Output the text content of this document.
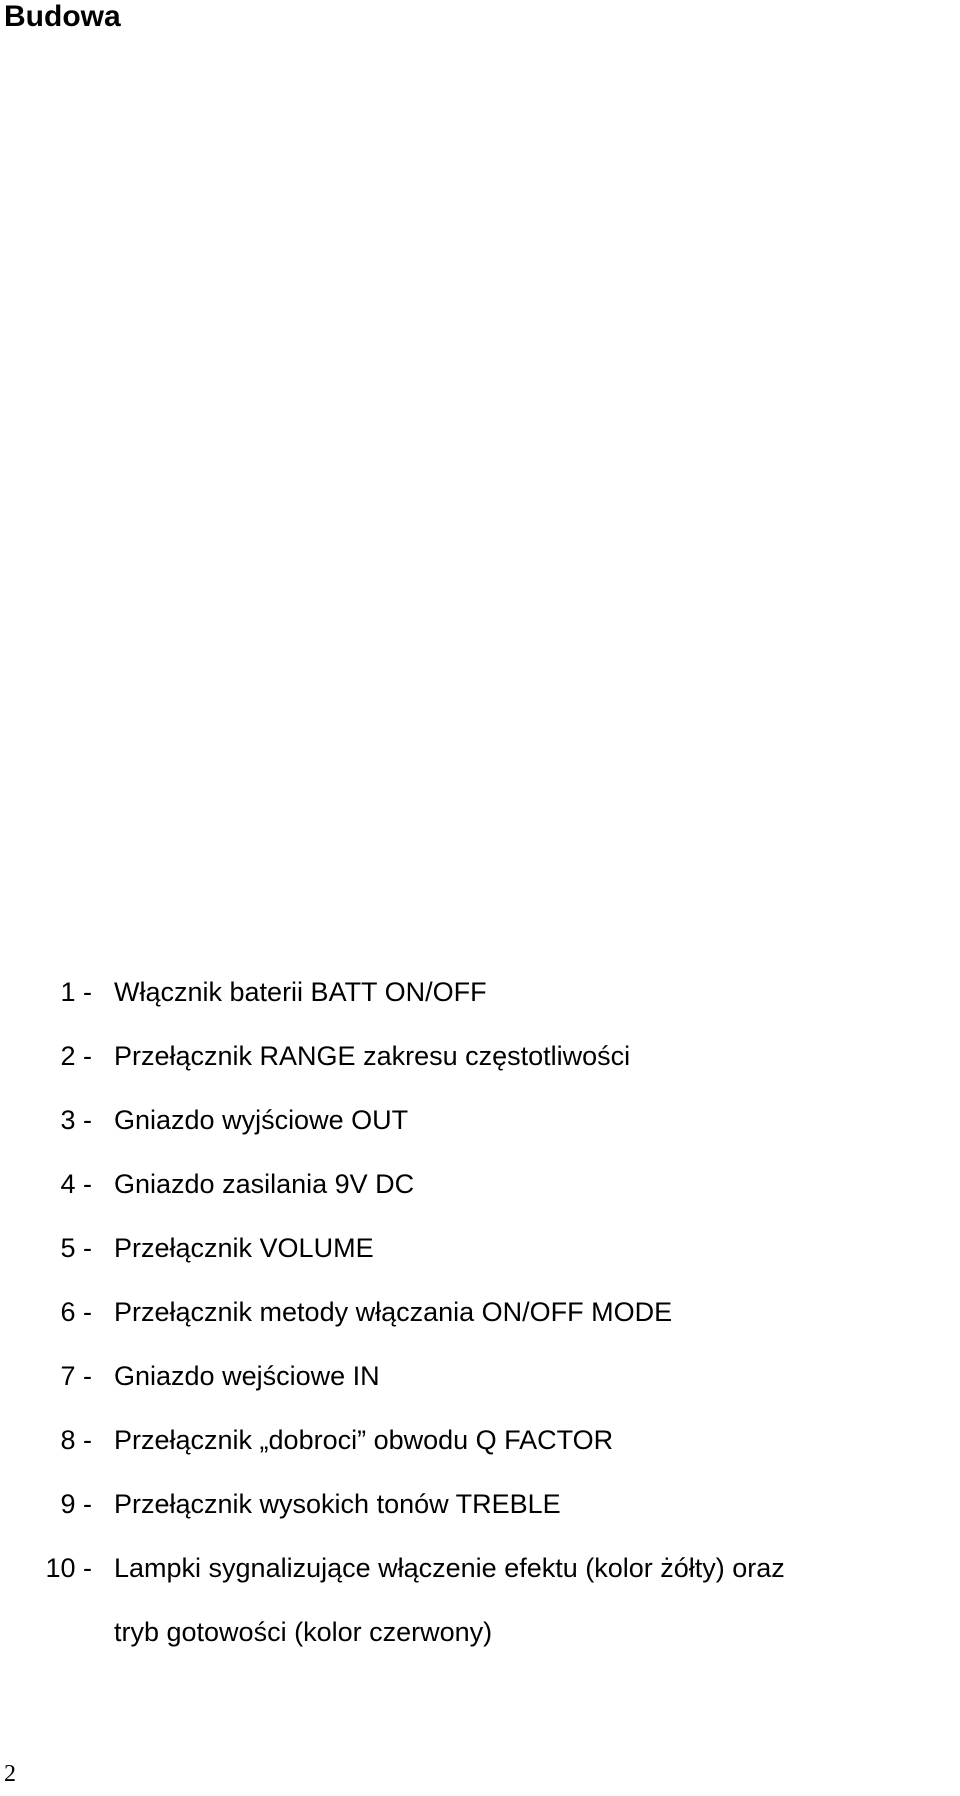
Budowa
1 - Włącznik baterii BATT ON/OFF
2 - Przełącznik RANGE zakresu częstotliwości
3 - Gniazdo wyjściowe OUT
4 - Gniazdo zasilania 9V DC
5 - Przełącznik VOLUME
6 - Przełącznik metody włączania ON/OFF MODE
7 - Gniazdo wejściowe IN
8 - Przełącznik „dobroci” obwodu Q FACTOR
9 - Przełącznik wysokich tonów TREBLE
10 - Lampki sygnalizujące włączenie efektu (kolor żółty) oraz
tryb gotowości (kolor czerwony)
2
